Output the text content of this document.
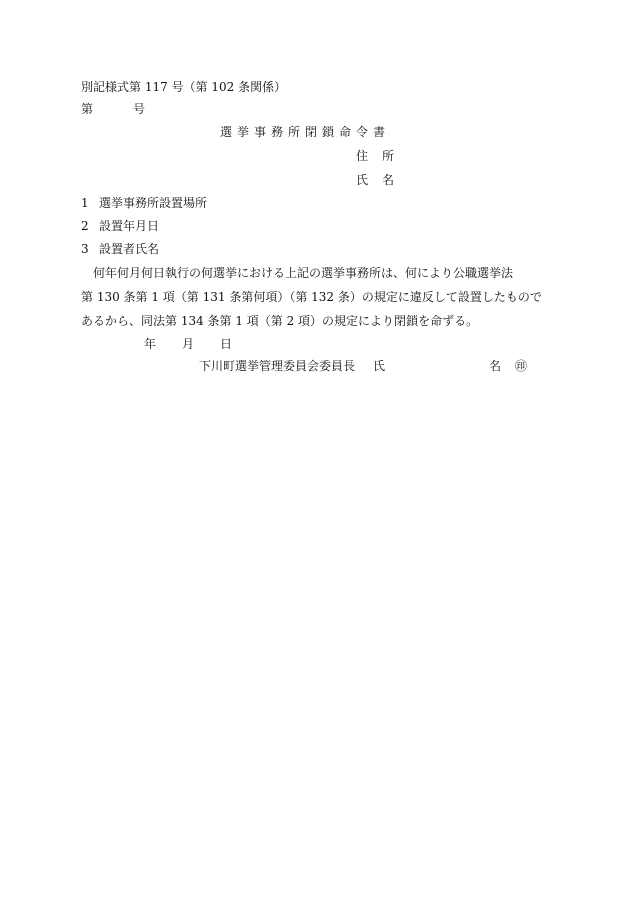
別記様式第 117 号（第 102 条関係）
第	号
選挙事務所閉鎖命令書
住 所
氏 名
1 選挙事務所設置場所
2 設置年月日
3 設置者氏名
何年何月何日執行の何選挙における上記の選挙事務所は、何により公職選挙法
第 130 条第 1 項（第 131 条第何項）（第 132 条）の規定に違反して設置したもので
あるから、同法第 134 条第 1 項（第 2 項）の規定により閉鎖を命ずる。
年 月 日
下川町選挙管理委員会委員長 氏	名 ㊞
